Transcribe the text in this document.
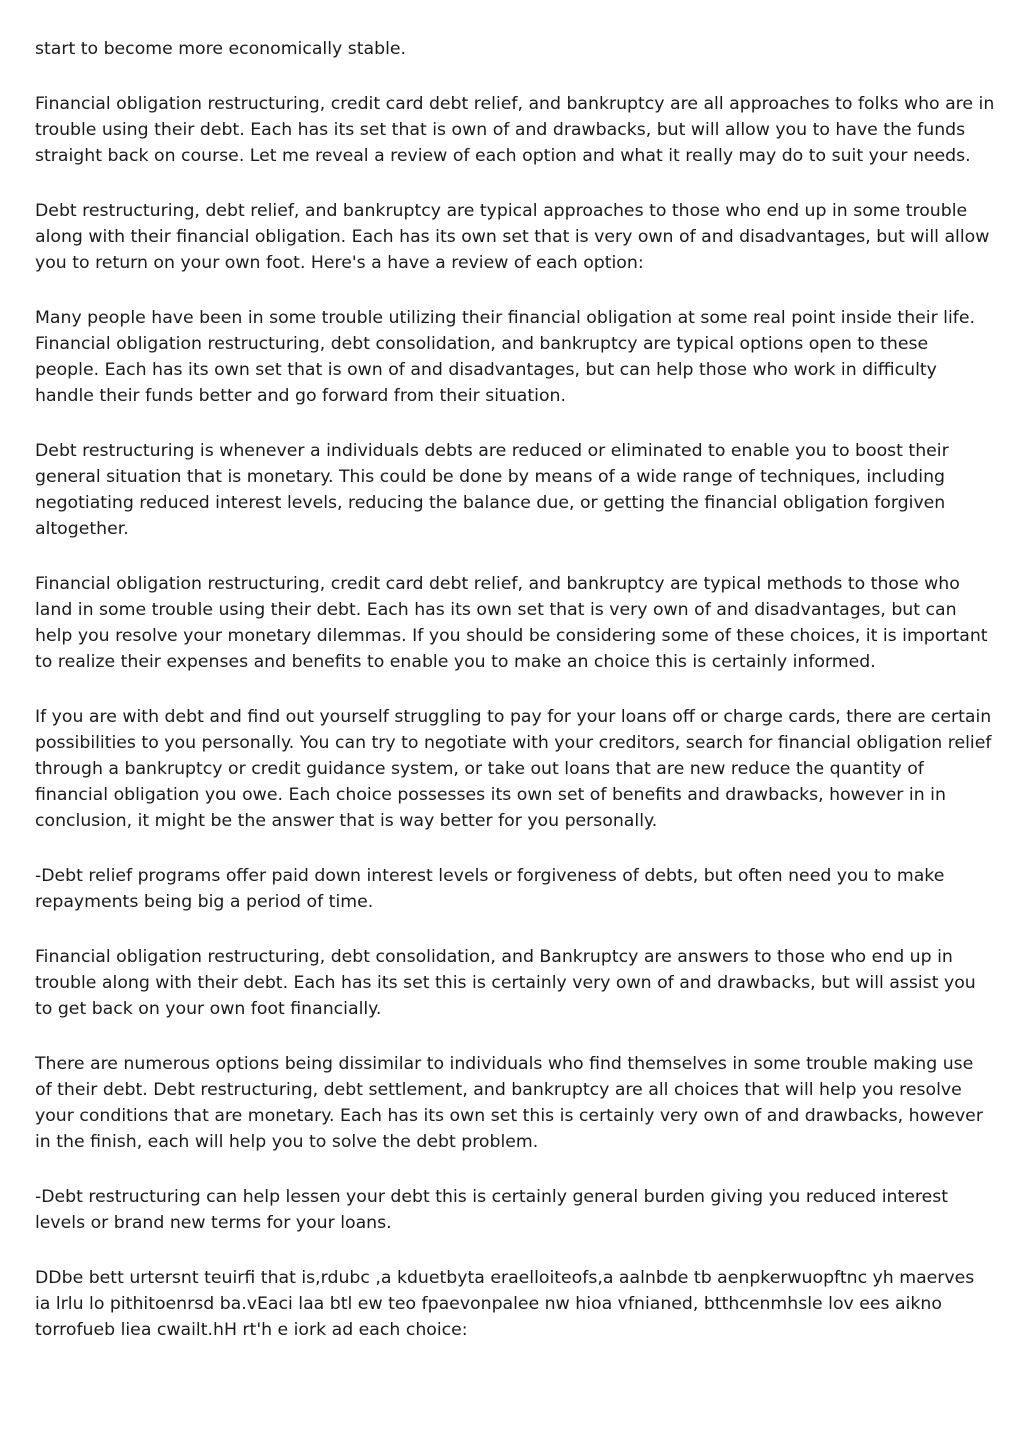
start to become more economically stable.

Financial obligation restructuring, credit card debt relief, and bankruptcy are all approaches to folks who are in trouble using their debt. Each has its set that is own of and drawbacks, but will allow you to have the funds straight back on course. Let me reveal a review of each option and what it really may do to suit your needs.

Debt restructuring, debt relief, and bankruptcy are typical approaches to those who end up in some trouble along with their financial obligation. Each has its own set that is very own of and disadvantages, but will allow you to return on your own foot. Here's a have a review of each option:

Many people have been in some trouble utilizing their financial obligation at some real point inside their life. Financial obligation restructuring, debt consolidation, and bankruptcy are typical options open to these people. Each has its own set that is own of and disadvantages, but can help those who work in difficulty handle their funds better and go forward from their situation.

Debt restructuring is whenever a individuals debts are reduced or eliminated to enable you to boost their general situation that is monetary. This could be done by means of a wide range of techniques, including negotiating reduced interest levels, reducing the balance due, or getting the financial obligation forgiven altogether.

Financial obligation restructuring, credit card debt relief, and bankruptcy are typical methods to those who land in some trouble using their debt. Each has its own set that is very own of and disadvantages, but can help you resolve your monetary dilemmas. If you should be considering some of these choices, it is important to realize their expenses and benefits to enable you to make an choice this is certainly informed.

If you are with debt and find out yourself struggling to pay for your loans off or charge cards, there are certain possibilities to you personally. You can try to negotiate with your creditors, search for financial obligation relief through a bankruptcy or credit guidance system, or take out loans that are new reduce the quantity of financial obligation you owe. Each choice possesses its own set of benefits and drawbacks, however in in conclusion, it might be the answer that is way better for you personally.

-Debt relief programs offer paid down interest levels or forgiveness of debts, but often need you to make repayments being big a period of time.

Financial obligation restructuring, debt consolidation, and Bankruptcy are answers to those who end up in trouble along with their debt. Each has its set this is certainly very own of and drawbacks, but will assist you to get back on your own foot financially.

There are numerous options being dissimilar to individuals who find themselves in some trouble making use of their debt. Debt restructuring, debt settlement, and bankruptcy are all choices that will help you resolve your conditions that are monetary. Each has its own set this is certainly very own of and drawbacks, however in the finish, each will help you to solve the debt problem.

-Debt restructuring can help lessen your debt this is certainly general burden giving you reduced interest levels or brand new terms for your loans.

DDbe bett urtersnt teuirfi that is,rdubc ,a kduetbyta eraelloiteofs,a aalnbde tb aenpkerwuopftnc yh maerves ia lrlu lo pithitoenrsd ba.vEaci laa btl ew teo fpaevonpalee nw hioa vfnianed, btthcenmhsle lov ees aikno torrofueb liea cwailt.hH rt'h e iork ad each choice:
